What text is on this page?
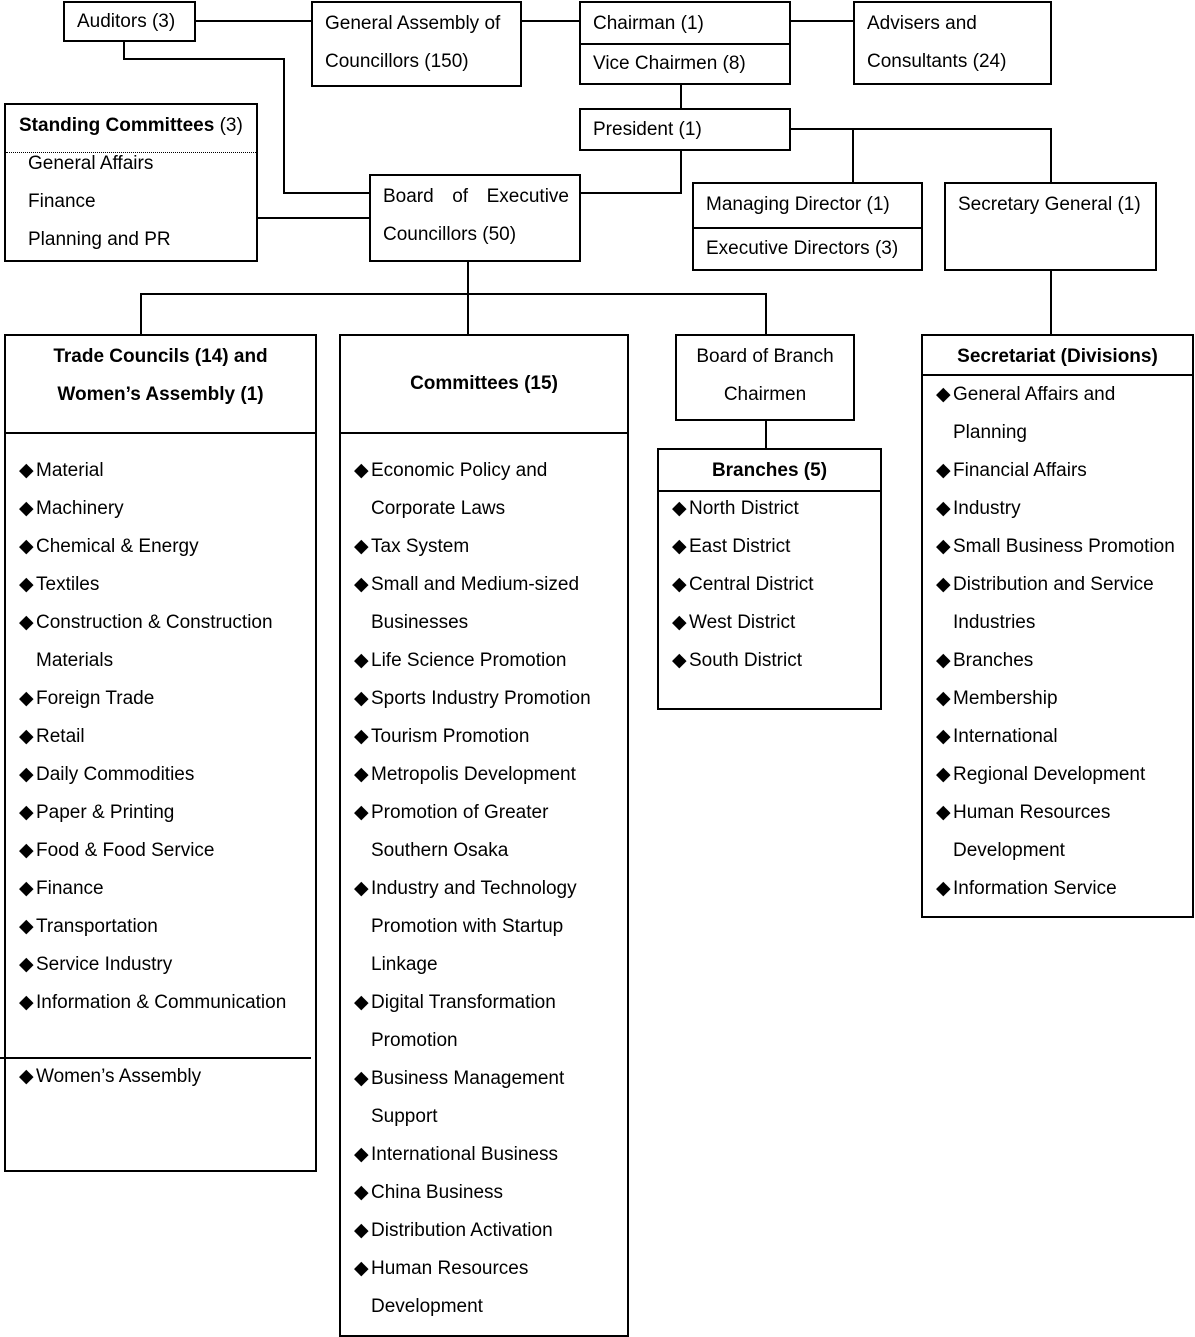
Auditors (3)	General Assembly of
Councillors (150)
Chairman (1)
Vice Chairmen (8)
Advisers and
Consultants (24)
President (1)
Standing Committees (3)
General Affairs
Finance
Planning and PR
Board of Executive
Councillors (50)
Managing Director (1)
Executive Directors (3)
Secretary General (1)
Trade Councils (14) and
Women’s Assembly (1)
◆ Material
◆ Machinery
◆ Chemical & Energy
◆ Textiles
◆ Construction & Construction Materials
◆ Foreign Trade
◆ Retail
◆ Daily Commodities
◆ Paper & Printing
◆ Food & Food Service
◆ Finance
◆ Transportation
◆ Service Industry
◆ Information & Communication
◆ Women’s Assembly
Committees (15)
◆ Economic Policy and Corporate Laws
◆ Tax System
◆ Small and Medium-sized Businesses
◆ Life Science Promotion
◆ Sports Industry Promotion
◆ Tourism Promotion
◆ Metropolis Development
◆ Promotion of Greater Southern Osaka
◆ Industry and Technology Promotion with Startup Linkage
◆ Digital Transformation Promotion
◆ Business Management Support
◆ International Business
◆ China Business
◆ Distribution Activation
◆ Human Resources Development
Board of Branch
Chairmen
Branches (5)
◆ North District
◆ East District
◆ Central District
◆ West District
◆ South District
Secretariat (Divisions)
◆ General Affairs and Planning
◆ Financial Affairs
◆ Industry
◆ Small Business Promotion
◆ Distribution and Service Industries
◆ Branches
◆ Membership
◆ International
◆ Regional Development
◆ Human Resources Development
◆ Information Service
